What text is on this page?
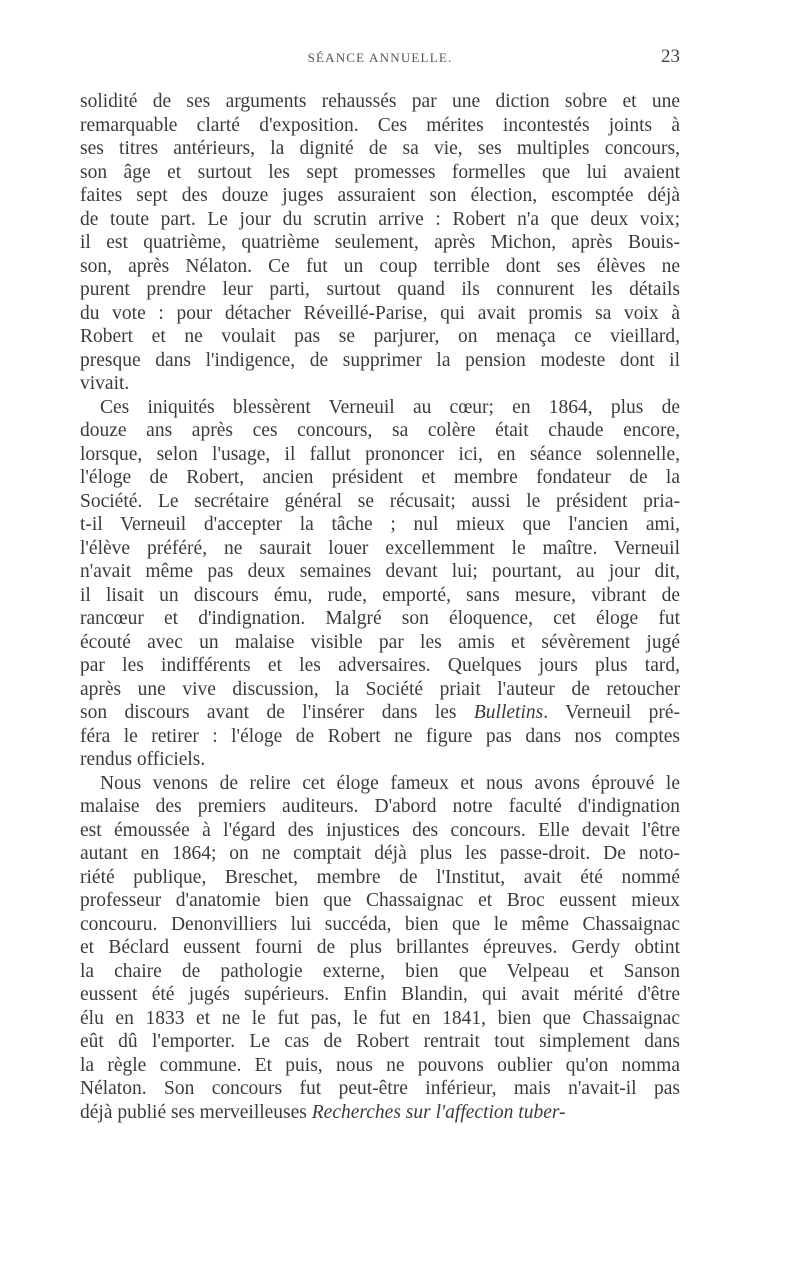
SÉANCE ANNUELLE.	23

solidité de ses arguments rehaussés par une diction sobre et une
remarquable clarté d'exposition. Ces mérites incontestés joints à
ses titres antérieurs, la dignité de sa vie, ses multiples concours,
son âge et surtout les sept promesses formelles que lui avaient
faites sept des douze juges assuraient son élection, escomptée déjà
de toute part. Le jour du scrutin arrive : Robert n'a que deux voix;
il est quatrième, quatrième seulement, après Michon, après Bouis-
son, après Nélaton. Ce fut un coup terrible dont ses élèves ne
purent prendre leur parti, surtout quand ils connurent les détails
du vote : pour détacher Réveillé-Parise, qui avait promis sa voix à
Robert et ne voulait pas se parjurer, on menaça ce vieillard,
presque dans l'indigence, de supprimer la pension modeste dont il
vivait.

Ces iniquités blessèrent Verneuil au cœur; en 1864, plus de
douze ans après ces concours, sa colère était chaude encore,
lorsque, selon l'usage, il fallut prononcer ici, en séance solennelle,
l'éloge de Robert, ancien président et membre fondateur de la
Société. Le secrétaire général se récusait; aussi le président pria-
t-il Verneuil d'accepter la tâche ; nul mieux que l'ancien ami,
l'élève préféré, ne saurait louer excellemment le maître. Verneuil
n'avait même pas deux semaines devant lui; pourtant, au jour dit,
il lisait un discours ému, rude, emporté, sans mesure, vibrant de
rancœur et d'indignation. Malgré son éloquence, cet éloge fut
écouté avec un malaise visible par les amis et sévèrement jugé
par les indifférents et les adversaires. Quelques jours plus tard,
après une vive discussion, la Société priait l'auteur de retoucher
son discours avant de l'insérer dans les Bulletins. Verneuil pré-
féra le retirer : l'éloge de Robert ne figure pas dans nos comptes
rendus officiels.

Nous venons de relire cet éloge fameux et nous avons éprouvé le
malaise des premiers auditeurs. D'abord notre faculté d'indignation
est émoussée à l'égard des injustices des concours. Elle devait l'être
autant en 1864; on ne comptait déjà plus les passe-droit. De noto-
riété publique, Breschet, membre de l'Institut, avait été nommé
professeur d'anatomie bien que Chassaignac et Broc eussent mieux
concouru. Denonvilliers lui succéda, bien que le même Chassaignac
et Béclard eussent fourni de plus brillantes épreuves. Gerdy obtint
la chaire de pathologie externe, bien que Velpeau et Sanson
eussent été jugés supérieurs. Enfin Blandin, qui avait mérité d'être
élu en 1833 et ne le fut pas, le fut en 1841, bien que Chassaignac
eût dû l'emporter. Le cas de Robert rentrait tout simplement dans
la règle commune. Et puis, nous ne pouvons oublier qu'on nomma
Nélaton. Son concours fut peut-être inférieur, mais n'avait-il pas
déjà publié ses merveilleuses Recherches sur l'affection tuber-
